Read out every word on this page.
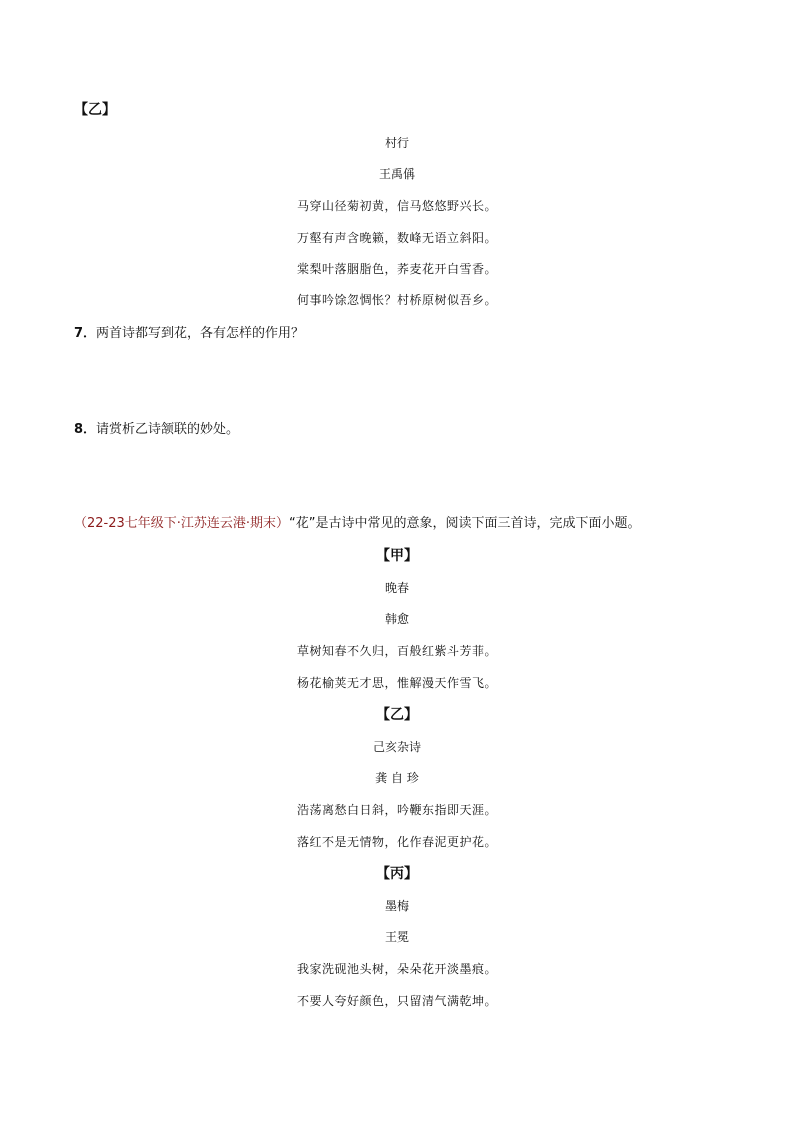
【乙】
村行
王禹偁
马穿山径菊初黄，信马悠悠野兴长。
万壑有声含晚籁，数峰无语立斜阳。
棠梨叶落胭脂色，荞麦花开白雪香。
何事吟馀忽惆怅？村桥原树似吾乡。
7．两首诗都写到花，各有怎样的作用？
8．请赏析乙诗颔联的妙处。
（22-23七年级下·江苏连云港·期末）“花”是古诗中常见的意象，阅读下面三首诗，完成下面小题。
【甲】
晚春
韩愈
草树知春不久归，百般红紫斗芳菲。
杨花榆荚无才思，惟解漫天作雪飞。
【乙】
己亥杂诗
龚 自 珍
浩荡离愁白日斜，吟鞭东指即天涯。
落红不是无情物，化作春泥更护花。
【丙】
墨梅
王冕
我家洗砚池头树，朵朵花开淡墨痕。
不要人夸好颜色，只留清气满乾坤。
